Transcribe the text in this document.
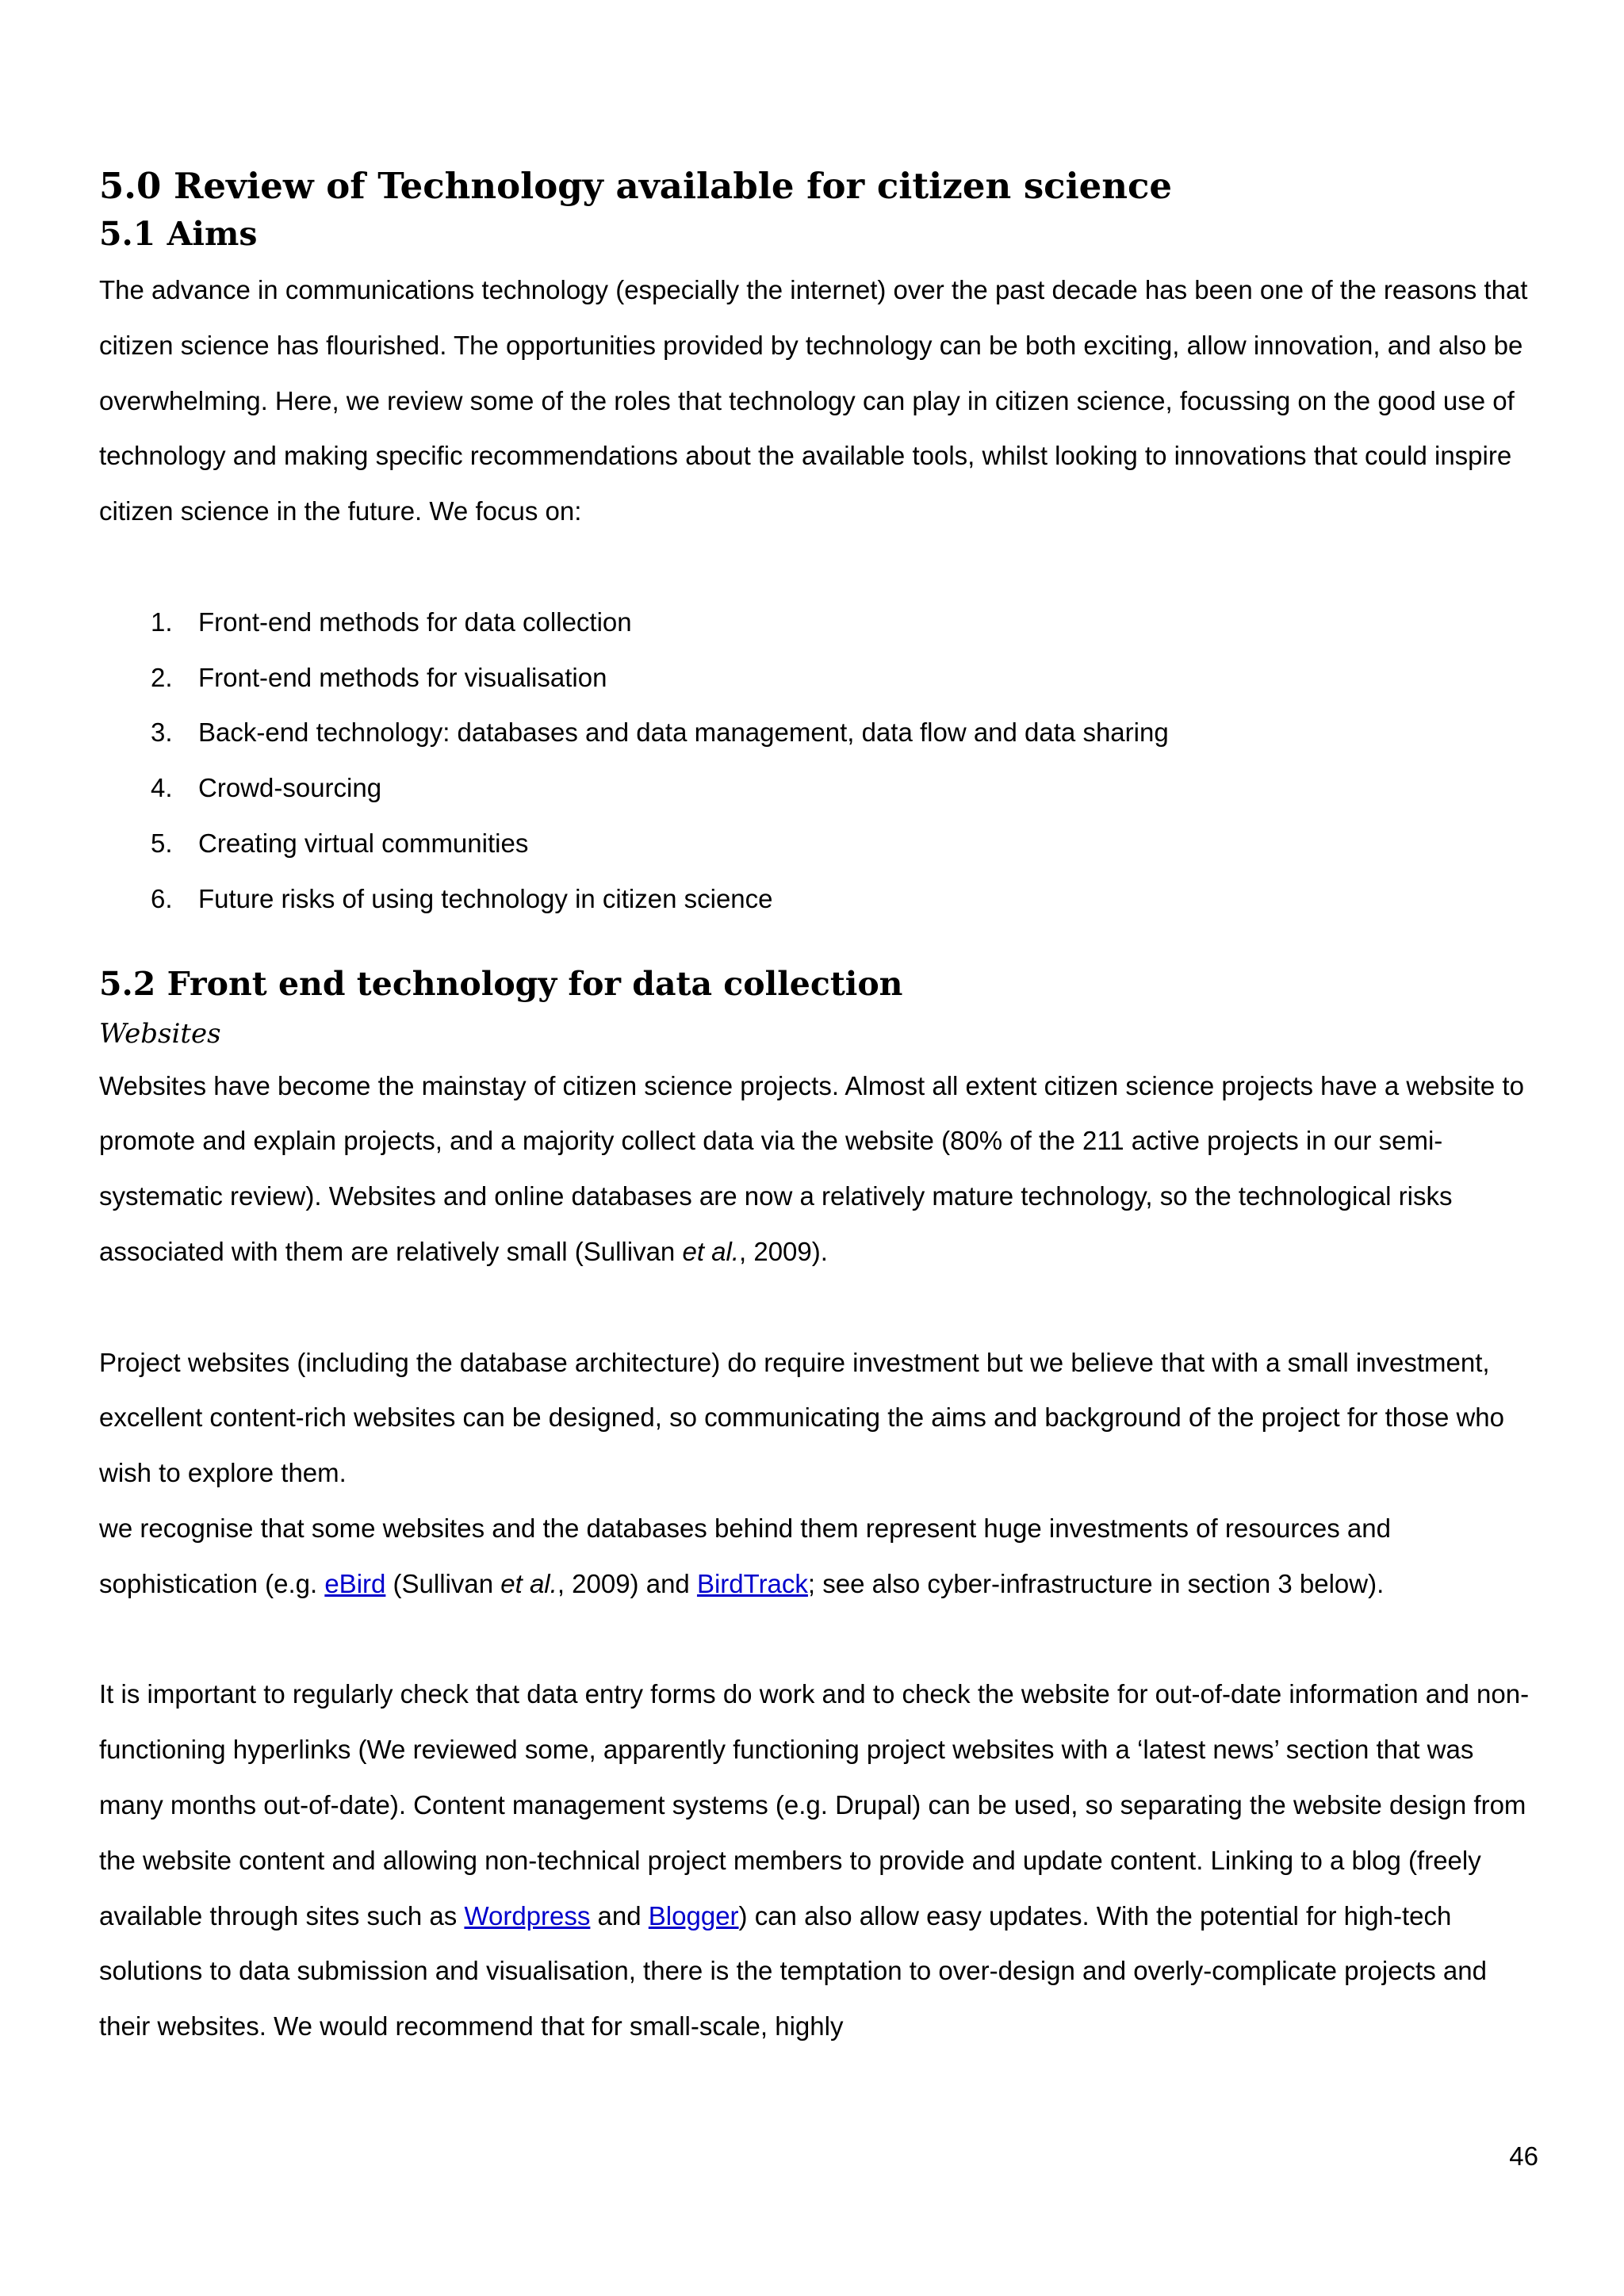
5.0 Review of Technology available for citizen science
5.1 Aims

The advance in communications technology (especially the internet) over the past decade has been one of the reasons that citizen science has flourished. The opportunities provided by technology can be both exciting, allow innovation, and also be overwhelming. Here, we review some of the roles that technology can play in citizen science, focussing on the good use of technology and making specific recommendations about the available tools, whilst looking to innovations that could inspire citizen science in the future. We focus on:

1. Front-end methods for data collection
2. Front-end methods for visualisation
3. Back-end technology: databases and data management, data flow and data sharing
4. Crowd-sourcing
5. Creating virtual communities
6. Future risks of using technology in citizen science
5.2 Front end technology for data collection

Websites

Websites have become the mainstay of citizen science projects. Almost all extent citizen science projects have a website to promote and explain projects, and a majority collect data via the website (80% of the 211 active projects in our semi-systematic review). Websites and online databases are now a relatively mature technology, so the technological risks associated with them are relatively small (Sullivan et al., 2009).

Project websites (including the database architecture) do require investment but we believe that with a small investment, excellent content-rich websites can be designed, so communicating the aims and background of the project for those who wish to explore them.

we recognise that some websites and the databases behind them represent huge investments of resources and sophistication (e.g. eBird (Sullivan et al., 2009) and BirdTrack; see also cyber-infrastructure in section 3 below).

It is important to regularly check that data entry forms do work and to check the website for out-of-date information and non-functioning hyperlinks (We reviewed some, apparently functioning project websites with a ‘latest news’ section that was many months out-of-date). Content management systems (e.g. Drupal) can be used, so separating the website design from the website content and allowing non-technical project members to provide and update content. Linking to a blog (freely available through sites such as Wordpress and Blogger) can also allow easy updates. With the potential for high-tech solutions to data submission and visualisation, there is the temptation to over-design and overly-complicate projects and their websites. We would recommend that for small-scale, highly

46
